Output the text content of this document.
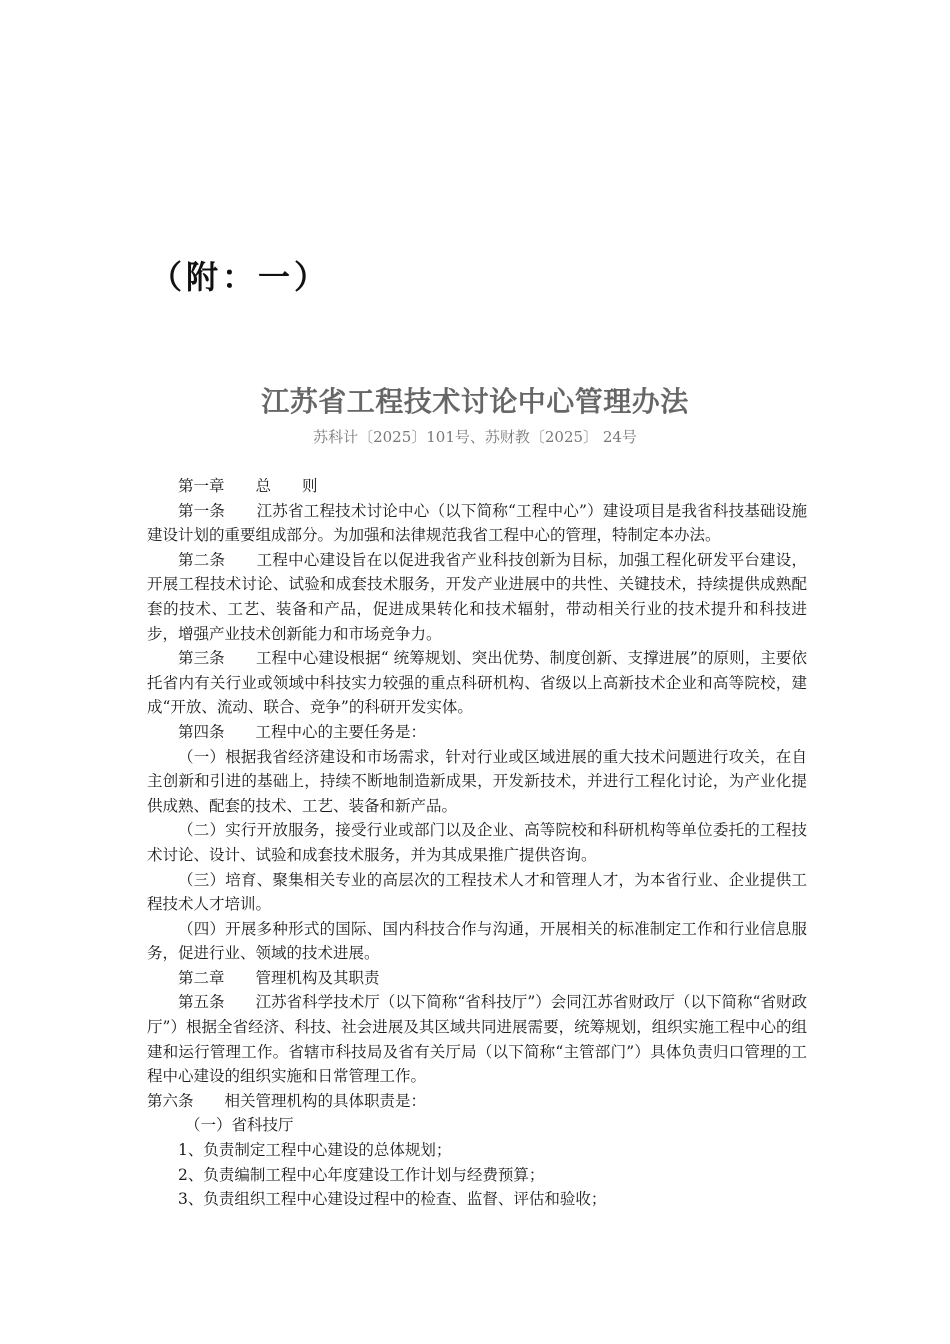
（附：一）
江苏省工程技术讨论中心管理办法

苏科计〔2025〕101号、苏财教〔2025〕 24号

第一章　　总　　则

第一条　　江苏省工程技术讨论中心（以下简称“工程中心”）建设项目是我省科技基础设施建设计划的重要组成部分。为加强和法律规范我省工程中心的管理，特制定本办法。

第二条　　工程中心建设旨在以促进我省产业科技创新为目标，加强工程化研发平台建设，开展工程技术讨论、试验和成套技术服务，开发产业进展中的共性、关键技术，持续提供成熟配套的技术、工艺、装备和产品，促进成果转化和技术辐射，带动相关行业的技术提升和科技进步，增强产业技术创新能力和市场竞争力。

第三条　　工程中心建设根据“ 统筹规划、突出优势、制度创新、支撑进展”的原则，主要依托省内有关行业或领域中科技实力较强的重点科研机构、省级以上高新技术企业和高等院校，建成“开放、流动、联合、竞争”的科研开发实体。

第四条　　工程中心的主要任务是：

（一）根据我省经济建设和市场需求，针对行业或区域进展的重大技术问题进行攻关，在自主创新和引进的基础上，持续不断地制造新成果，开发新技术，并进行工程化讨论，为产业化提供成熟、配套的技术、工艺、装备和新产品。

（二）实行开放服务，接受行业或部门以及企业、高等院校和科研机构等单位委托的工程技术讨论、设计、试验和成套技术服务，并为其成果推广提供咨询。

（三）培育、聚集相关专业的高层次的工程技术人才和管理人才，为本省行业、企业提供工程技术人才培训。

（四）开展多种形式的国际、国内科技合作与沟通，开展相关的标准制定工作和行业信息服务，促进行业、领域的技术进展。

第二章　　管理机构及其职责

第五条　　江苏省科学技术厅（以下简称“省科技厅”）会同江苏省财政厅（以下简称“省财政厅”）根据全省经济、科技、社会进展及其区域共同进展需要，统筹规划，组织实施工程中心的组建和运行管理工作。省辖市科技局及省有关厅局（以下简称“主管部门”）具体负责归口管理的工程中心建设的组织实施和日常管理工作。

第六条　　相关管理机构的具体职责是：

（一）省科技厅

1、负责制定工程中心建设的总体规划；

2、负责编制工程中心年度建设工作计划与经费预算；

3、负责组织工程中心建设过程中的检查、监督、评估和验收；
